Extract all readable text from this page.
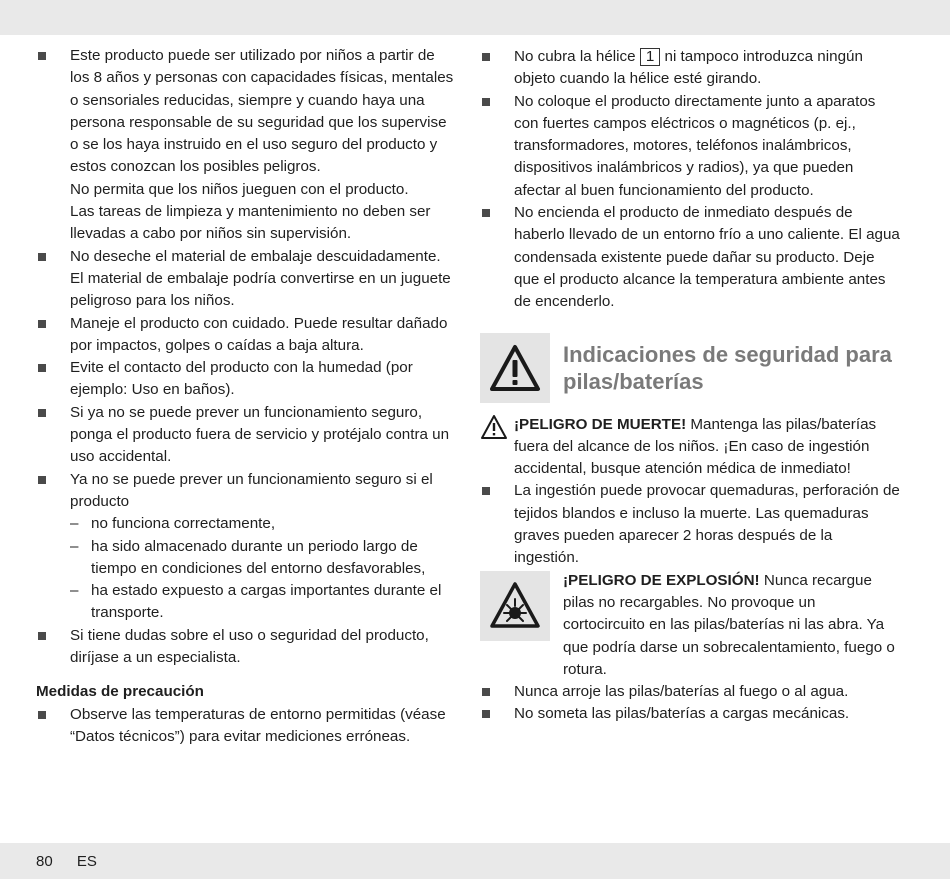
Este producto puede ser utilizado por niños a partir de los 8 años y personas con capacidades físicas, mentales o sensoriales reducidas, siempre y cuando haya una persona responsable de su seguridad que los supervise o se los haya instruido en el uso seguro del producto y estos conozcan los posibles peligros.

No permita que los niños jueguen con el producto.

Las tareas de limpieza y mantenimiento no deben ser llevadas a cabo por niños sin supervisión.

No deseche el material de embalaje descuidadamente. El material de embalaje podría convertirse en un juguete peligroso para los niños.

Maneje el producto con cuidado. Puede resultar dañado por impactos, golpes o caídas a baja altura.

Evite el contacto del producto con la humedad (por ejemplo: Uso en baños).

Si ya no se puede prever un funcionamiento seguro, ponga el producto fuera de servicio y protéjalo contra un uso accidental.

Ya no se puede prever un funcionamiento seguro si el producto

– no funciona correctamente,

– ha sido almacenado durante un periodo largo de tiempo en condiciones del entorno desfavorables,

– ha estado expuesto a cargas importantes durante el transporte.

Si tiene dudas sobre el uso o seguridad del producto, diríjase a un especialista.

Medidas de precaución

Observe las temperaturas de entorno permitidas (véase “Datos técnicos”) para evitar mediciones erróneas.

No cubra la hélice 1 ni tampoco introduzca ningún objeto cuando la hélice esté girando.

No coloque el producto directamente junto a aparatos con fuertes campos eléctricos o magnéticos (p. ej., transformadores, motores, teléfonos inalámbricos, dispositivos inalámbricos y radios), ya que pueden afectar al buen funcionamiento del producto.

No encienda el producto de inmediato después de haberlo llevado de un entorno frío a uno caliente. El agua condensada existente puede dañar su producto. Deje que el producto alcance la temperatura ambiente antes de encenderlo.

Indicaciones de seguridad para pilas/baterías

¡PELIGRO DE MUERTE! Mantenga las pilas/baterías fuera del alcance de los niños. ¡En caso de ingestión accidental, busque atención médica de inmediato!

La ingestión puede provocar quemaduras, perforación de tejidos blandos e incluso la muerte. Las quemaduras graves pueden aparecer 2 horas después de la ingestión.

¡PELIGRO DE EXPLOSIÓN! Nunca recargue pilas no recargables. No provoque un cortocircuito en las pilas/baterías ni las abra. Ya que podría darse un sobrecalentamiento, fuego o rotura.

Nunca arroje las pilas/baterías al fuego o al agua.

No someta las pilas/baterías a cargas mecánicas.

80 ES
